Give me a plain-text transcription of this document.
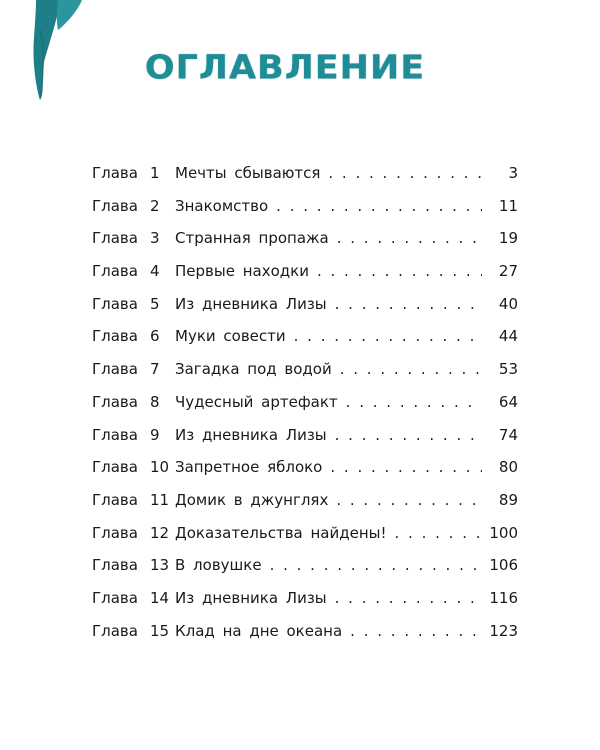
ОГЛАВЛЕНИЕ
Глава 1	Мечты сбываются . . .	3
Глава 2	Знакомство . . .	11
Глава 3	Странная пропажа . . .	19
Глава 4	Первые находки . . .	27
Глава 5	Из дневника Лизы . . .	40
Глава 6	Муки совести . . .	44
Глава 7	Загадка под водой . . .	53
Глава 8	Чудесный артефакт . . .	64
Глава 9	Из дневника Лизы . . .	74
Глава 10 Запретное яблоко . . .	80
Глава 11 Домик в джунглях . . .	89
Глава 12 Доказательства найдены! . . .	100
Глава 13 В ловушке . . .	106
Глава 14 Из дневника Лизы . . .	116
Глава 15 Клад на дне океана . . .	123
